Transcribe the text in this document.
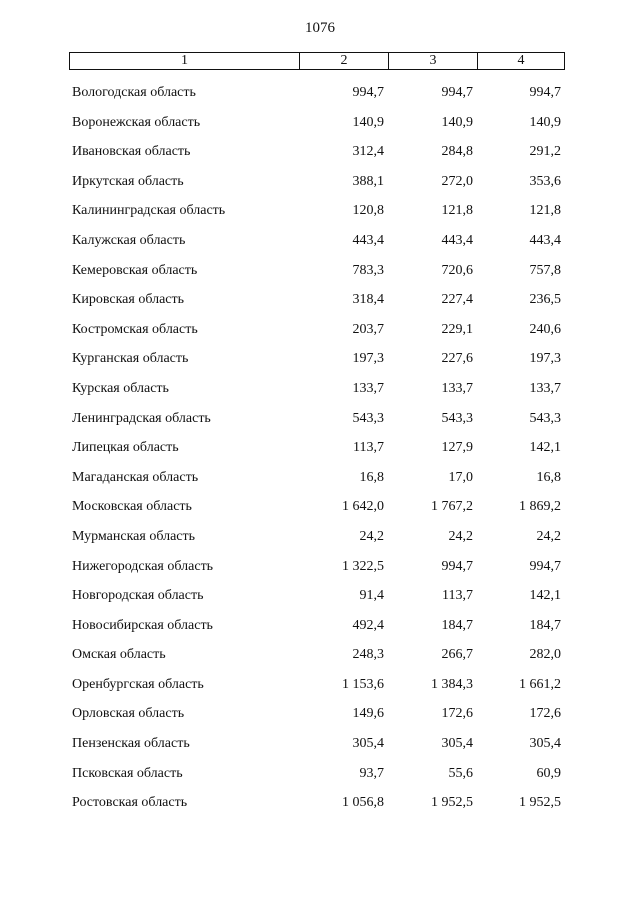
1076
1	2	3	4
Вологодская область	994,7	994,7	994,7
Воронежская область	140,9	140,9	140,9
Ивановская область	312,4	284,8	291,2
Иркутская область	388,1	272,0	353,6
Калининградская область	120,8	121,8	121,8
Калужская область	443,4	443,4	443,4
Кемеровская область	783,3	720,6	757,8
Кировская область	318,4	227,4	236,5
Костромская область	203,7	229,1	240,6
Курганская область	197,3	227,6	197,3
Курская область	133,7	133,7	133,7
Ленинградская область	543,3	543,3	543,3
Липецкая область	113,7	127,9	142,1
Магаданская область	16,8	17,0	16,8
Московская область	1 642,0	1 767,2	1 869,2
Мурманская область	24,2	24,2	24,2
Нижегородская область	1 322,5	994,7	994,7
Новгородская область	91,4	113,7	142,1
Новосибирская область	492,4	184,7	184,7
Омская область	248,3	266,7	282,0
Оренбургская область	1 153,6	1 384,3	1 661,2
Орловская область	149,6	172,6	172,6
Пензенская область	305,4	305,4	305,4
Псковская область	93,7	55,6	60,9
Ростовская область	1 056,8	1 952,5	1 952,5
